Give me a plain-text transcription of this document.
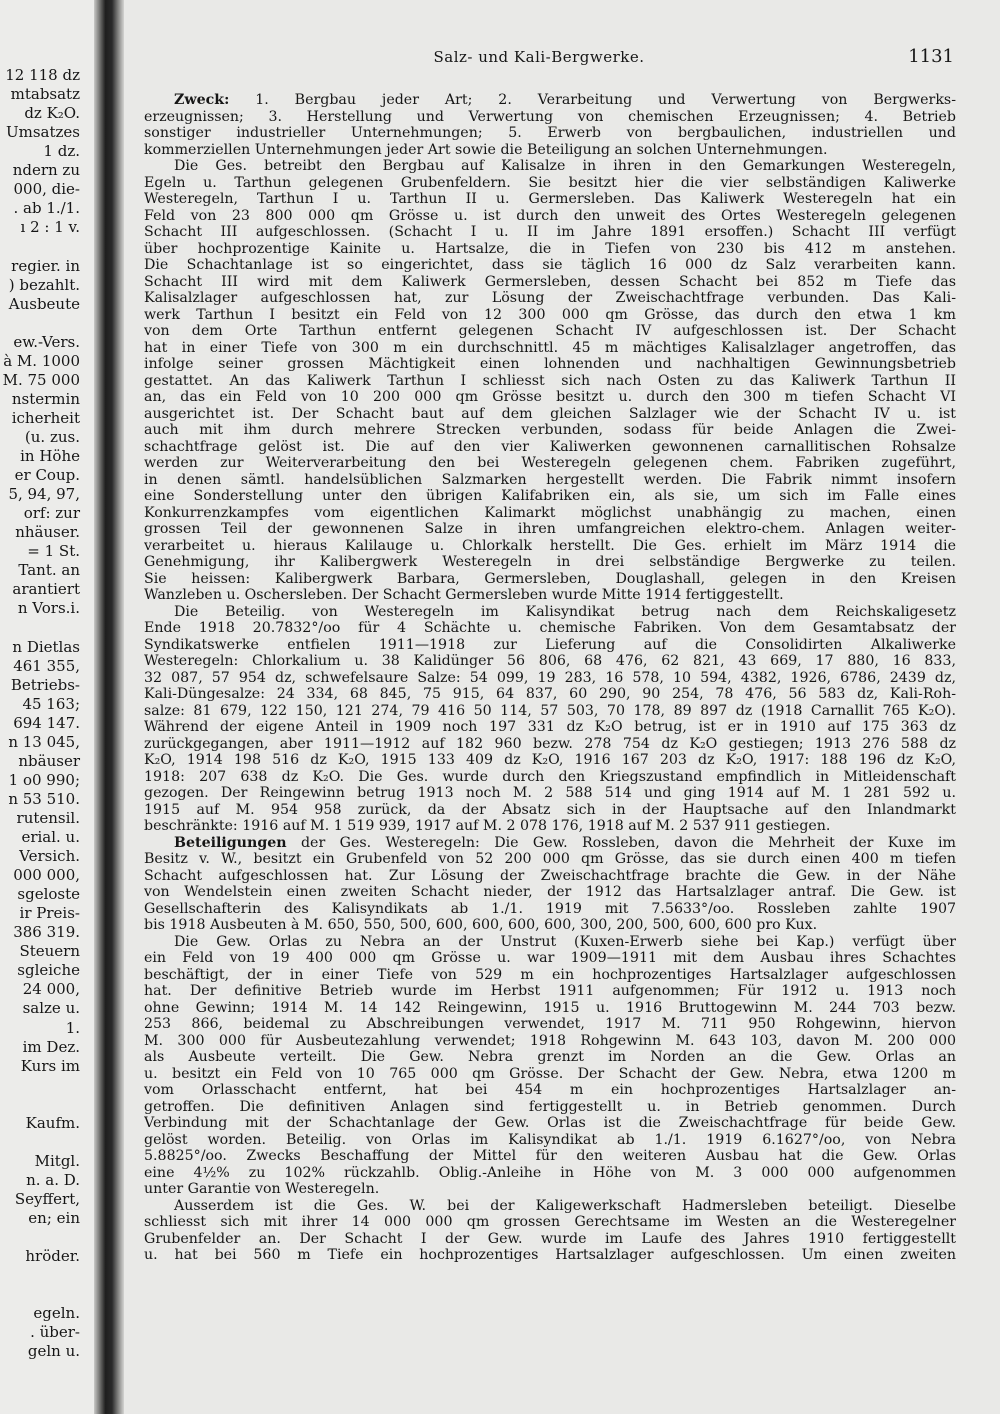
12 118 dz
mtabsatz
dz K₂O.
Umsatzes
1 dz.
ndern zu
000, die-
. ab 1./1.
ı 2 : 1 v.
regier. in
) bezahlt.
Ausbeute
ew.-Vers.
à M. 1000
M. 75 000
nstermin
icherheit
(u. zus.
in Höhe
er Coup.
5, 94, 97,
orf: zur
nhäuser.
= 1 St.
Tant. an
arantiert
n Vors.i.
n Dietlas
461 355,
Betriebs-
45 163;
694 147.
n 13 045,
nbäuser
1 o0 990;
n 53 510.
rutensil.
erial. u.
Versich.
000 000,
sgeloste
ir Preis-
386 319.
Steuern
sgleiche
24 000,
salze u.
1.
im Dez.
Kurs im
Kaufm.
Mitgl.
n. a. D.
Seyffert,
en; ein
hröder.
egeln.
. über-
geln u.
Salz- und Kali-Bergwerke.	1131
Zweck: 1. Bergbau jeder Art; 2. Verarbeitung und Verwertung von Bergwerks-
erzeugnissen; 3. Herstellung und Verwertung von chemischen Erzeugnissen; 4. Betrieb
sonstiger industrieller Unternehmungen; 5. Erwerb von bergbaulichen, industriellen und
kommerziellen Unternehmungen jeder Art sowie die Beteiligung an solchen Unternehmungen.
Die Ges. betreibt den Bergbau auf Kalisalze in ihren in den Gemarkungen Westeregeln,
Egeln u. Tarthun gelegenen Grubenfeldern. Sie besitzt hier die vier selbständigen Kaliwerke
Westeregeln, Tarthun I u. Tarthun II u. Germersleben. Das Kaliwerk Westeregeln hat ein
Feld von 23 800 000 qm Grösse u. ist durch den unweit des Ortes Westeregeln gelegenen
Schacht III aufgeschlossen. (Schacht I u. II im Jahre 1891 ersoffen.) Schacht III verfügt
über hochprozentige Kainite u. Hartsalze, die in Tiefen von 230 bis 412 m anstehen.
Die Schachtanlage ist so eingerichtet, dass sie täglich 16 000 dz Salz verarbeiten kann.
Schacht III wird mit dem Kaliwerk Germersleben, dessen Schacht bei 852 m Tiefe das
Kalisalzlager aufgeschlossen hat, zur Lösung der Zweischachtfrage verbunden. Das Kali-
werk Tarthun I besitzt ein Feld von 12 300 000 qm Grösse, das durch den etwa 1 km
von dem Orte Tarthun entfernt gelegenen Schacht IV aufgeschlossen ist. Der Schacht
hat in einer Tiefe von 300 m ein durchschnittl. 45 m mächtiges Kalisalzlager angetroffen, das
infolge seiner grossen Mächtigkeit einen lohnenden und nachhaltigen Gewinnungsbetrieb
gestattet. An das Kaliwerk Tarthun I schliesst sich nach Osten zu das Kaliwerk Tarthun II
an, das ein Feld von 10 200 000 qm Grösse besitzt u. durch den 300 m tiefen Schacht VI
ausgerichtet ist. Der Schacht baut auf dem gleichen Salzlager wie der Schacht IV u. ist
auch mit ihm durch mehrere Strecken verbunden, sodass für beide Anlagen die Zwei-
schachtfrage gelöst ist. Die auf den vier Kaliwerken gewonnenen carnallitischen Rohsalze
werden zur Weiterverarbeitung den bei Westeregeln gelegenen chem. Fabriken zugeführt,
in denen sämtl. handelsüblichen Salzmarken hergestellt werden. Die Fabrik nimmt insofern
eine Sonderstellung unter den übrigen Kalifabriken ein, als sie, um sich im Falle eines
Konkurrenzkampfes vom eigentlichen Kalimarkt möglichst unabhängig zu machen, einen
grossen Teil der gewonnenen Salze in ihren umfangreichen elektro-chem. Anlagen weiter-
verarbeitet u. hieraus Kalilauge u. Chlorkalk herstellt. Die Ges. erhielt im März 1914 die
Genehmigung, ihr Kalibergwerk Westeregeln in drei selbständige Bergwerke zu teilen.
Sie heissen: Kalibergwerk Barbara, Germersleben, Douglashall, gelegen in den Kreisen
Wanzleben u. Oschersleben. Der Schacht Germersleben wurde Mitte 1914 fertiggestellt.
Die Beteilig. von Westeregeln im Kalisyndikat betrug nach dem Reichskaligesetz
Ende 1918 20.7832°/oo für 4 Schächte u. chemische Fabriken. Von dem Gesamtabsatz der
Syndikatswerke entfielen 1911—1918 zur Lieferung auf die Consolidirten Alkaliwerke
Westeregeln: Chlorkalium u. 38 Kalidünger 56 806, 68 476, 62 821, 43 669, 17 880, 16 833,
32 087, 57 954 dz, schwefelsaure Salze: 54 099, 19 283, 16 578, 10 594, 4382, 1926, 6786, 2439 dz,
Kali-Düngesalze: 24 334, 68 845, 75 915, 64 837, 60 290, 90 254, 78 476, 56 583 dz, Kali-Roh-
salze: 81 679, 122 150, 121 274, 79 416 50 114, 57 503, 70 178, 89 897 dz (1918 Carnallit 765 K₂O).
Während der eigene Anteil in 1909 noch 197 331 dz K₂O betrug, ist er in 1910 auf 175 363 dz
zurückgegangen, aber 1911—1912 auf 182 960 bezw. 278 754 dz K₂O gestiegen; 1913 276 588 dz
K₂O, 1914 198 516 dz K₂O, 1915 133 409 dz K₂O, 1916 167 203 dz K₂O, 1917: 188 196 dz K₂O,
1918: 207 638 dz K₂O. Die Ges. wurde durch den Kriegszustand empfindlich in Mitleidenschaft
gezogen. Der Reingewinn betrug 1913 noch M. 2 588 514 und ging 1914 auf M. 1 281 592 u.
1915 auf M. 954 958 zurück, da der Absatz sich in der Hauptsache auf den Inlandmarkt
beschränkte: 1916 auf M. 1 519 939, 1917 auf M. 2 078 176, 1918 auf M. 2 537 911 gestiegen.
Beteiligungen der Ges. Westeregeln: Die Gew. Rossleben, davon die Mehrheit der Kuxe im
Besitz v. W., besitzt ein Grubenfeld von 52 200 000 qm Grösse, das sie durch einen 400 m tiefen
Schacht aufgeschlossen hat. Zur Lösung der Zweischachtfrage brachte die Gew. in der Nähe
von Wendelstein einen zweiten Schacht nieder, der 1912 das Hartsalzlager antraf. Die Gew. ist
Gesellschafterin des Kalisyndikats ab 1./1. 1919 mit 7.5633°/oo. Rossleben zahlte 1907
bis 1918 Ausbeuten à M. 650, 550, 500, 600, 600, 600, 600, 300, 200, 500, 600, 600 pro Kux.
Die Gew. Orlas zu Nebra an der Unstrut (Kuxen-Erwerb siehe bei Kap.) verfügt über
ein Feld von 19 400 000 qm Grösse u. war 1909—1911 mit dem Ausbau ihres Schachtes
beschäftigt, der in einer Tiefe von 529 m ein hochprozentiges Hartsalzlager aufgeschlossen
hat. Der definitive Betrieb wurde im Herbst 1911 aufgenommen; Für 1912 u. 1913 noch
ohne Gewinn; 1914 M. 14 142 Reingewinn, 1915 u. 1916 Bruttogewinn M. 244 703 bezw.
253 866, beidemal zu Abschreibungen verwendet, 1917 M. 711 950 Rohgewinn, hiervon
M. 300 000 für Ausbeutezahlung verwendet; 1918 Rohgewinn M. 643 103, davon M. 200 000
als Ausbeute verteilt. Die Gew. Nebra grenzt im Norden an die Gew. Orlas an
u. besitzt ein Feld von 10 765 000 qm Grösse. Der Schacht der Gew. Nebra, etwa 1200 m
vom Orlasschacht entfernt, hat bei 454 m ein hochprozentiges Hartsalzlager an-
getroffen. Die definitiven Anlagen sind fertiggestellt u. in Betrieb genommen. Durch
Verbindung mit der Schachtanlage der Gew. Orlas ist die Zweischachtfrage für beide Gew.
gelöst worden. Beteilig. von Orlas im Kalisyndikat ab 1./1. 1919 6.1627°/oo, von Nebra
5.8825°/oo. Zwecks Beschaffung der Mittel für den weiteren Ausbau hat die Gew. Orlas
eine 4½% zu 102% rückzahlb. Oblig.-Anleihe in Höhe von M. 3 000 000 aufgenommen
unter Garantie von Westeregeln.
Ausserdem ist die Ges. W. bei der Kaligewerkschaft Hadmersleben beteiligt. Dieselbe
schliesst sich mit ihrer 14 000 000 qm grossen Gerechtsame im Westen an die Westeregelner
Grubenfelder an. Der Schacht I der Gew. wurde im Laufe des Jahres 1910 fertiggestellt
u. hat bei 560 m Tiefe ein hochprozentiges Hartsalzlager aufgeschlossen. Um einen zweiten
